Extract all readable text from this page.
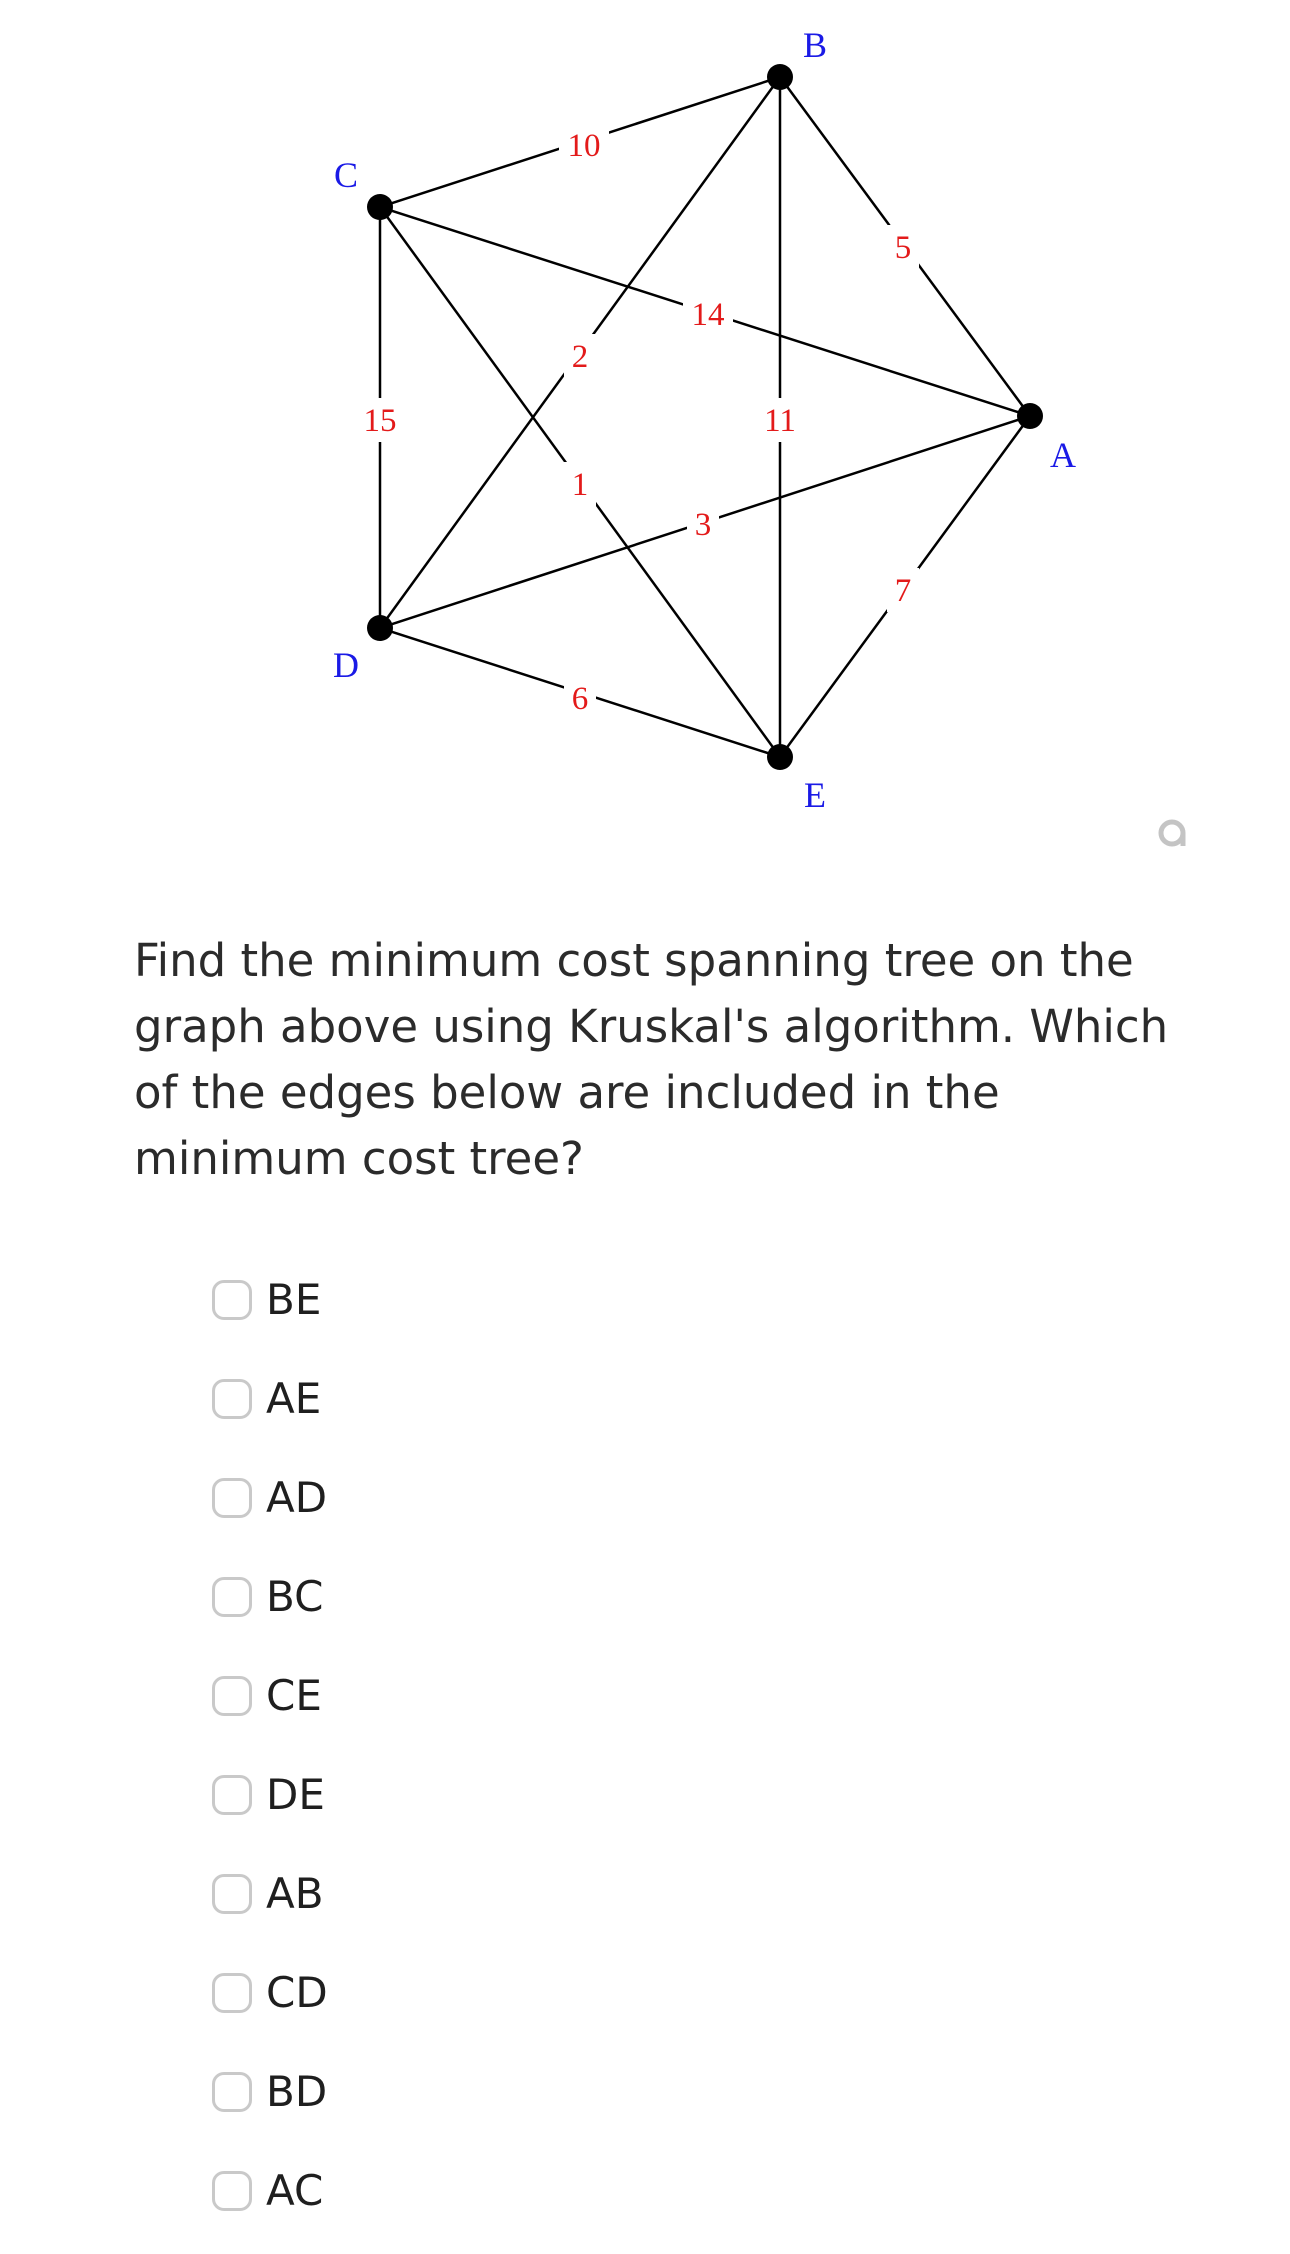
10
5
14
2
15	11
1
3
7
6
B
C
A
D
E
Find the minimum cost spanning tree on the graph above using Kruskal's algorithm. Which of the edges below are included in the minimum cost tree?
BE
AE
AD
BC
CE
DE
AB
CD
BD
AC
